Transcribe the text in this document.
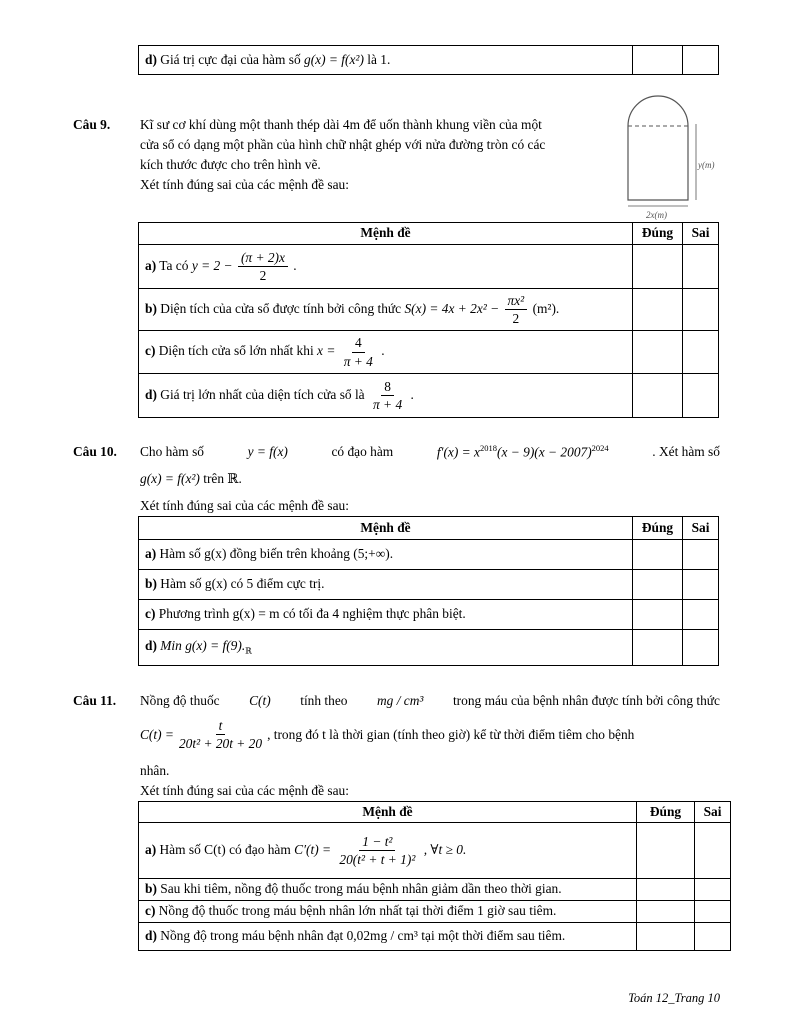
d) Giá trị cực đại của hàm số g(x) = f(x²) là 1.		
Câu 9. Kĩ sư cơ khí dùng một thanh thép dài 4m để uốn thành khung viền của một
cửa sổ có dạng một phần của hình chữ nhật ghép với nửa đường tròn có các
kích thước được cho trên hình vẽ.
Xét tính đúng sai của các mệnh đề sau:
y(m)
2x(m)
Mệnh đề	Đúng	Sai
a) Ta có $y = 2 - \frac{(\pi + 2)x}{2}$ .		
b) Diện tích của cửa sổ được tính bởi công thức $S(x) = 4x + 2x^2 - \frac{\text{πx²}}{2} (m^2)$.		
c) Diện tích cửa sổ lớn nhất khi $x = \frac{4}{\pi + 4}$ .		
d) Giá trị lớn nhất của diện tích cửa sổ là $\frac{8}{\pi + 4}$ .		
Câu 10. Cho hàm số	y = f(x)	có đạo hàm	$f'(x) = x^{2018}(x - 9)(x - 2007)^{2024}$	. Xét hàm số
g(x) = f(x²) trên ℝ.
Xét tính đúng sai của các mệnh đề sau:
Mệnh đề	Đúng	Sai
a) Hàm số g(x) đồng biến trên khoảng (5;+∞).		
b) Hàm số g(x) có 5 điểm cực trị.		
c) Phương trình g(x) = m có tối đa 4 nghiệm thực phân biệt.		
d) Min $g(x) = f(9)._ℝ$		
Câu 11. Nồng độ thuốc C(t) tính theo mg / cm³ trong máu của bệnh nhân được tính bởi công thức
$C(t) = \frac{t}{\text{20t² + 20t + 20}}$ , trong đó t là thời gian (tính theo giờ) kể từ thời điểm tiêm cho bệnh
nhân.
Xét tính đúng sai của các mệnh đề sau:
Mệnh đề	Đúng	Sai
a) Hàm số C(t) có đạo hàm $C'(t) = \frac{\text{1 − t²}}{\text{20(t² + t + 1)²}}$ , ∀t ≥ 0.		
b) Sau khi tiêm, nồng độ thuốc trong máu bệnh nhân giảm dần theo thời gian.		
c) Nồng độ thuốc trong máu bệnh nhân lớn nhất tại thời điểm 1 giờ sau tiêm.		
d) Nồng độ trong máu bệnh nhân đạt 0,02mg / cm³ tại một thời điểm sau tiêm.		
Toán 12_Trang 10
